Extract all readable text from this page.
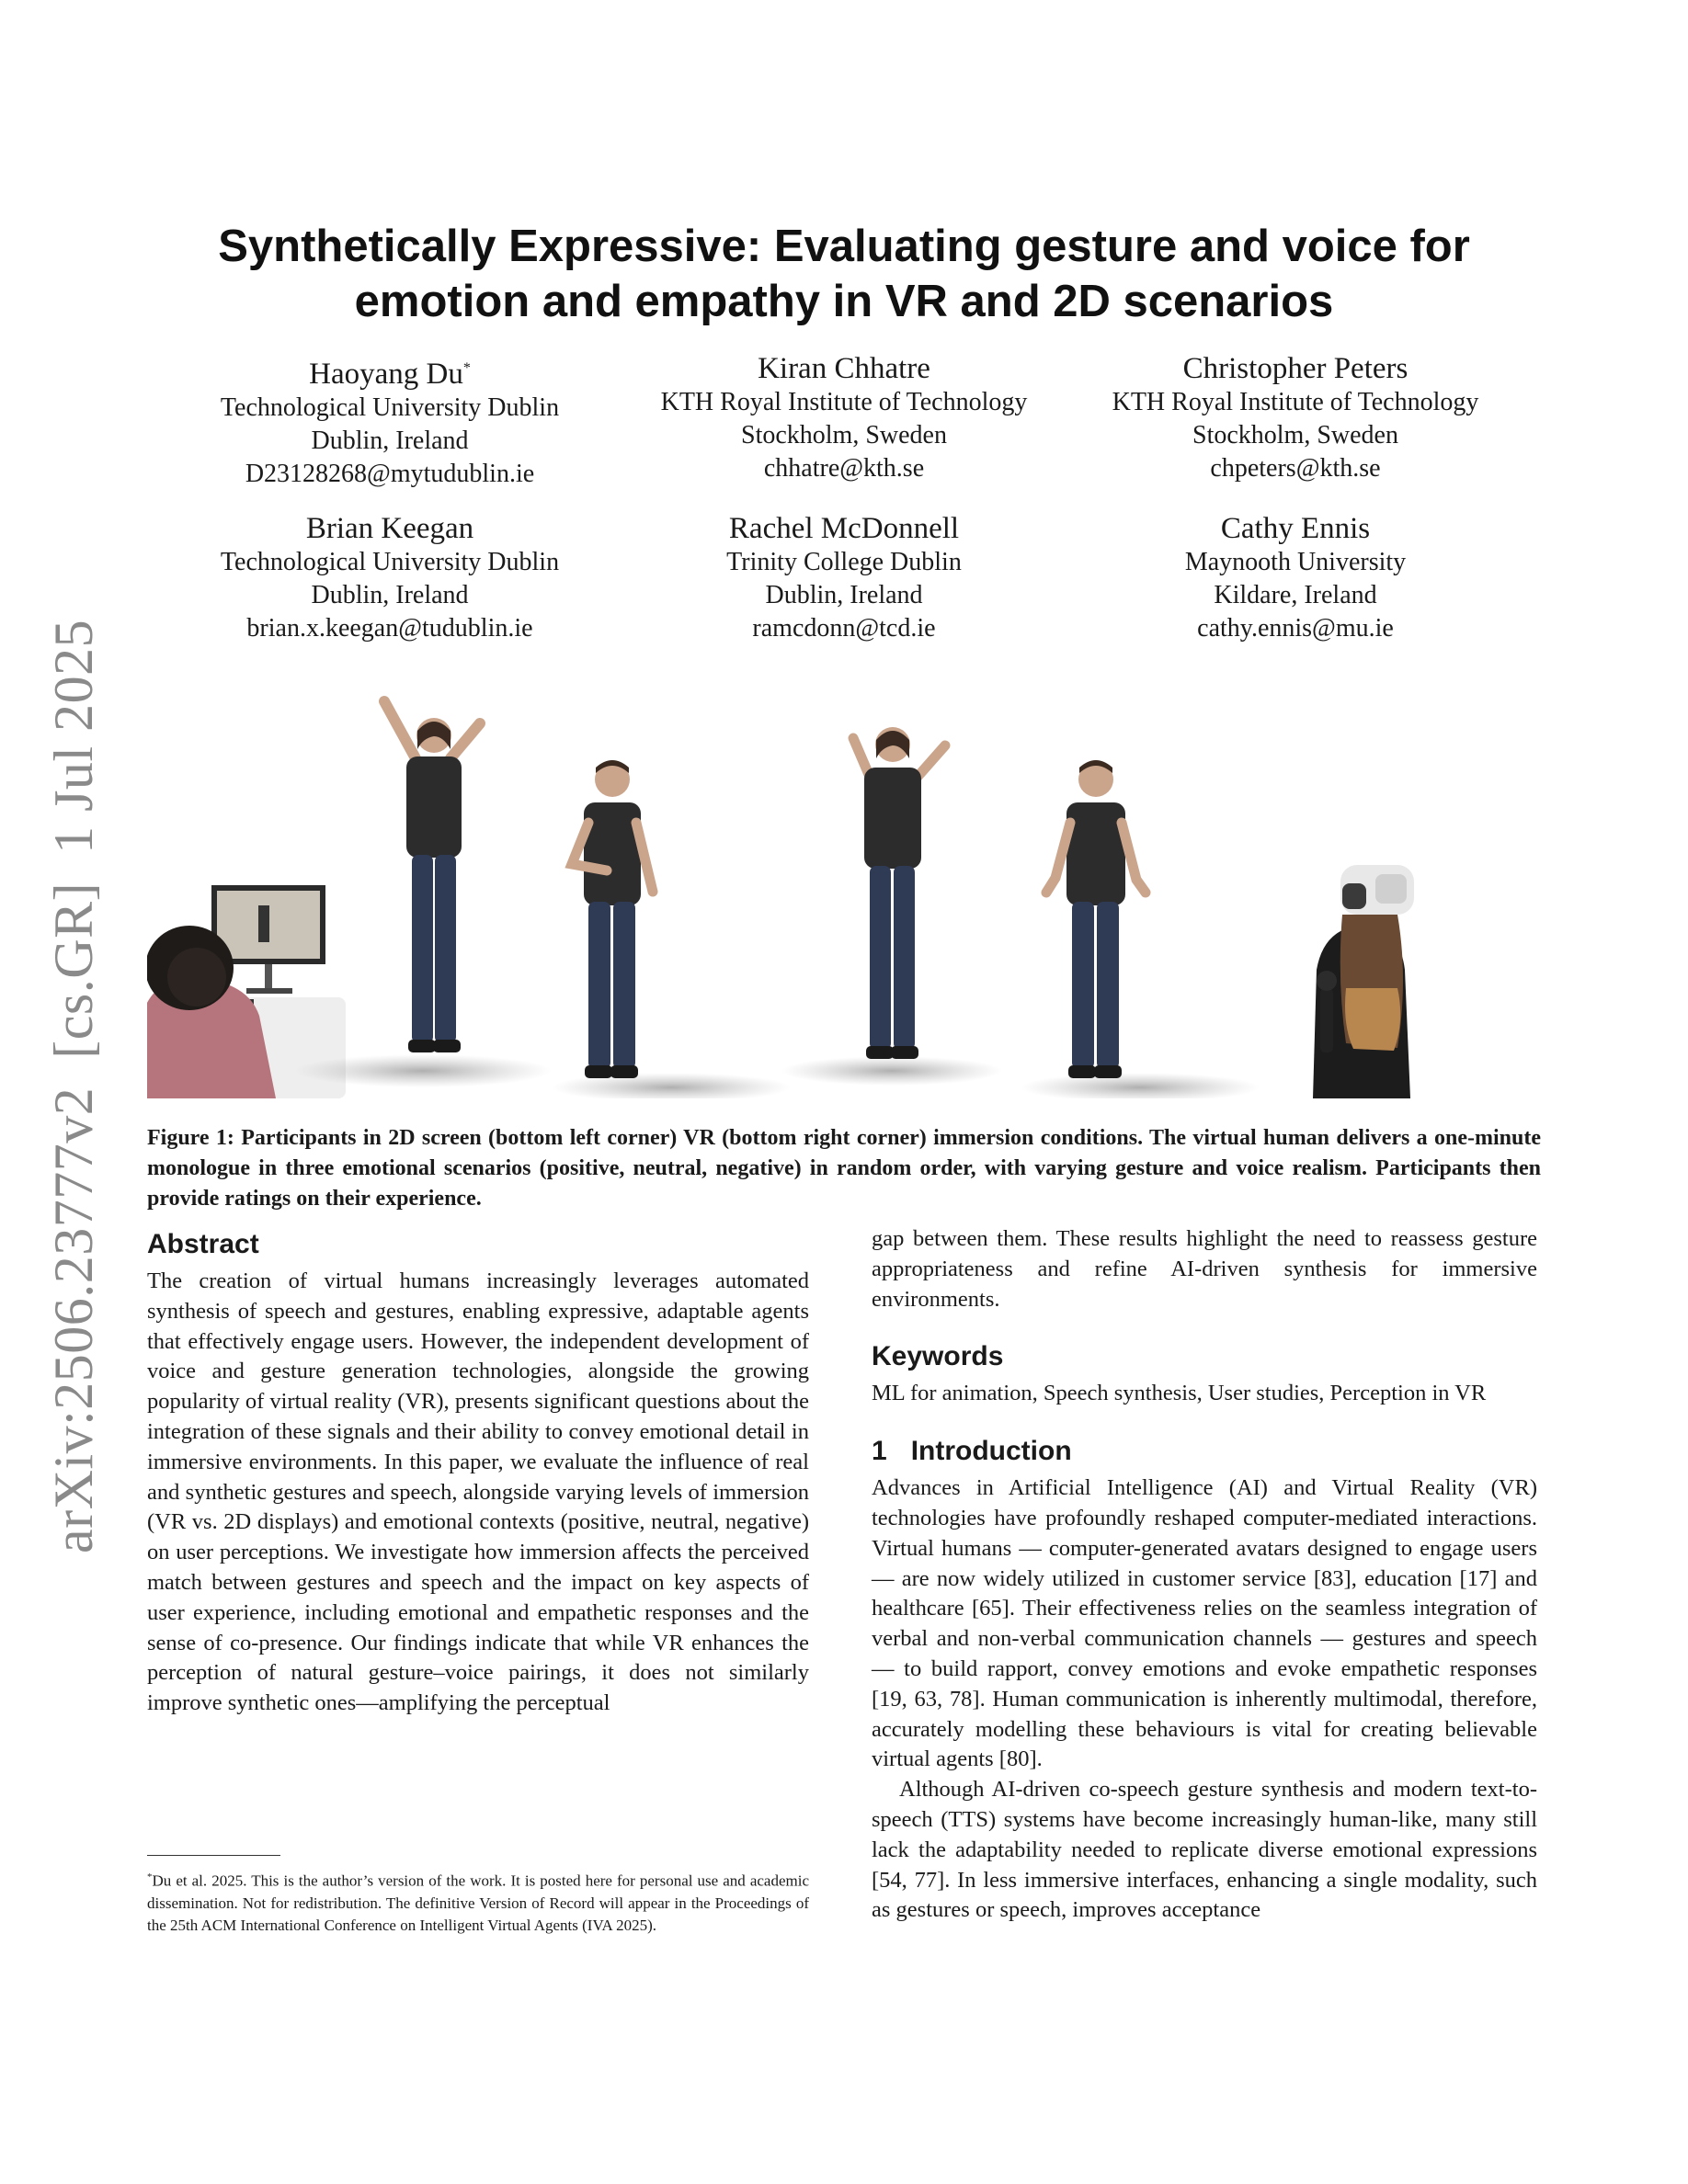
arXiv:2506.23777v2  [cs.GR]  1 Jul 2025
Synthetically Expressive: Evaluating gesture and voice for emotion and empathy in VR and 2D scenarios
Haoyang Du*
Technological University Dublin
Dublin, Ireland
D23128268@mytudublin.ie
Kiran Chhatre
KTH Royal Institute of Technology
Stockholm, Sweden
chhatre@kth.se
Christopher Peters
KTH Royal Institute of Technology
Stockholm, Sweden
chpeters@kth.se
Brian Keegan
Technological University Dublin
Dublin, Ireland
brian.x.keegan@tudublin.ie
Rachel McDonnell
Trinity College Dublin
Dublin, Ireland
ramcdonn@tcd.ie
Cathy Ennis
Maynooth University
Kildare, Ireland
cathy.ennis@mu.ie

Figure 1: Participants in 2D screen (bottom left corner) VR (bottom right corner) immersion conditions. The virtual human delivers a one-minute monologue in three emotional scenarios (positive, neutral, negative) in random order, with varying gesture and voice realism. Participants then provide ratings on their experience.

Abstract

The creation of virtual humans increasingly leverages automated synthesis of speech and gestures, enabling expressive, adaptable agents that effectively engage users. However, the independent development of voice and gesture generation technologies, alongside the growing popularity of virtual reality (VR), presents significant questions about the integration of these signals and their ability to convey emotional detail in immersive environments. In this paper, we evaluate the influence of real and synthetic gestures and speech, alongside varying levels of immersion (VR vs. 2D displays) and emotional contexts (positive, neutral, negative) on user perceptions. We investigate how immersion affects the perceived match between gestures and speech and the impact on key aspects of user experience, including emotional and empathetic responses and the sense of co-presence. Our findings indicate that while VR enhances the perception of natural gesture–voice pairings, it does not similarly improve synthetic ones—amplifying the perceptual

gap between them. These results highlight the need to reassess gesture appropriateness and refine AI-driven synthesis for immersive environments.

Keywords

ML for animation, Speech synthesis, User studies, Perception in VR

1 Introduction

Advances in Artificial Intelligence (AI) and Virtual Reality (VR) technologies have profoundly reshaped computer-mediated interactions. Virtual humans — computer-generated avatars designed to engage users — are now widely utilized in customer service [83], education [17] and healthcare [65]. Their effectiveness relies on the seamless integration of verbal and non-verbal communication channels — gestures and speech — to build rapport, convey emotions and evoke empathetic responses [19, 63, 78]. Human communication is inherently multimodal, therefore, accurately modelling these behaviours is vital for creating believable virtual agents [80].

Although AI-driven co-speech gesture synthesis and modern text-to-speech (TTS) systems have become increasingly human-like, many still lack the adaptability needed to replicate diverse emotional expressions [54, 77]. In less immersive interfaces, enhancing a single modality, such as gestures or speech, improves acceptance

*Du et al. 2025. This is the author’s version of the work. It is posted here for personal use and academic dissemination. Not for redistribution. The definitive Version of Record will appear in the Proceedings of the 25th ACM International Conference on Intelligent Virtual Agents (IVA 2025).
